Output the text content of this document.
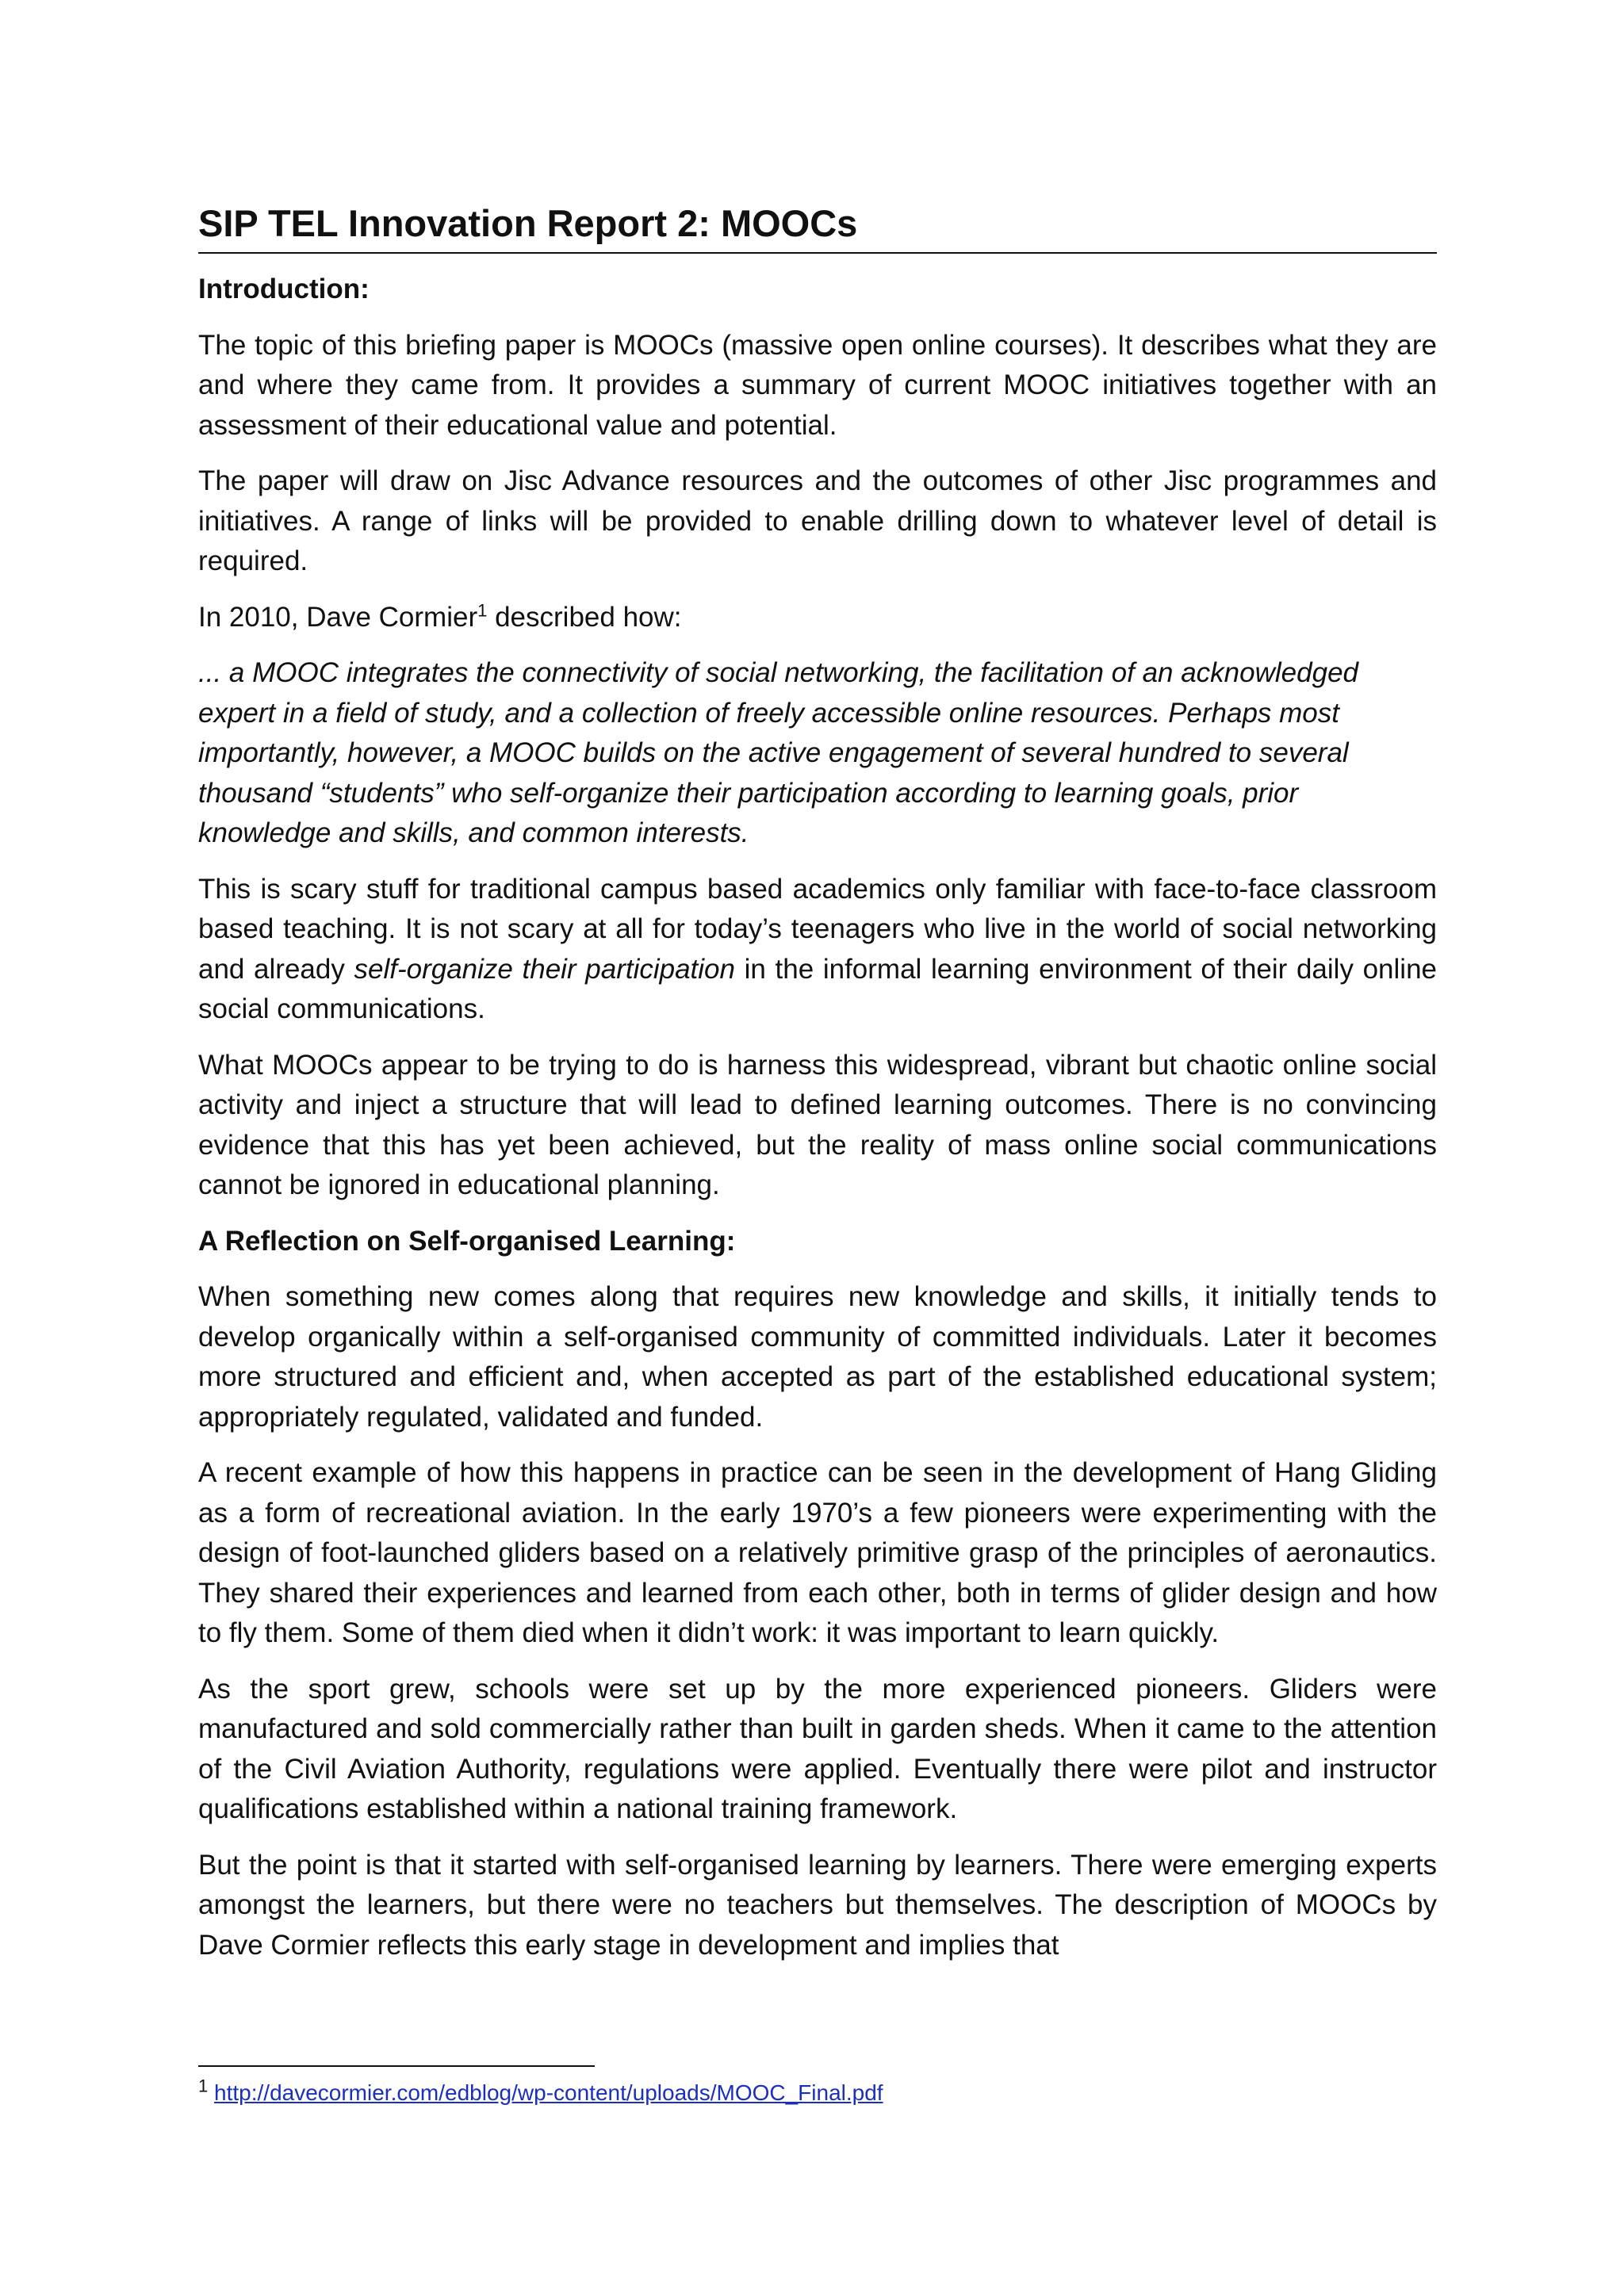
SIP TEL Innovation Report 2: MOOCs

Introduction:

The topic of this briefing paper is MOOCs (massive open online courses). It describes what they are and where they came from. It provides a summary of current MOOC initiatives together with an assessment of their educational value and potential.

The paper will draw on Jisc Advance resources and the outcomes of other Jisc programmes and initiatives. A range of links will be provided to enable drilling down to whatever level of detail is required.

In 2010, Dave Cormier$^1$ described how:

... a MOOC integrates the connectivity of social networking, the facilitation of an acknowledged expert in a field of study, and a collection of freely accessible online resources. Perhaps most importantly, however, a MOOC builds on the active engagement of several hundred to several thousand “students” who self-organize their participation according to learning goals, prior knowledge and skills, and common interests.

This is scary stuff for traditional campus based academics only familiar with face-to-face classroom based teaching. It is not scary at all for today’s teenagers who live in the world of social networking and already self-organize their participation in the informal learning environment of their daily online social communications.

What MOOCs appear to be trying to do is harness this widespread, vibrant but chaotic online social activity and inject a structure that will lead to defined learning outcomes. There is no convincing evidence that this has yet been achieved, but the reality of mass online social communications cannot be ignored in educational planning.

A Reflection on Self-organised Learning:

When something new comes along that requires new knowledge and skills, it initially tends to develop organically within a self-organised community of committed individuals. Later it becomes more structured and efficient and, when accepted as part of the established educational system; appropriately regulated, validated and funded.

A recent example of how this happens in practice can be seen in the development of Hang Gliding as a form of recreational aviation. In the early 1970’s a few pioneers were experimenting with the design of foot-launched gliders based on a relatively primitive grasp of the principles of aeronautics. They shared their experiences and learned from each other, both in terms of glider design and how to fly them. Some of them died when it didn’t work: it was important to learn quickly.

As the sport grew, schools were set up by the more experienced pioneers. Gliders were manufactured and sold commercially rather than built in garden sheds. When it came to the attention of the Civil Aviation Authority, regulations were applied. Eventually there were pilot and instructor qualifications established within a national training framework.

But the point is that it started with self-organised learning by learners. There were emerging experts amongst the learners, but there were no teachers but themselves. The description of MOOCs by Dave Cormier reflects this early stage in development and implies that

$^1$ http://davecormier.com/edblog/wp-content/uploads/MOOC_Final.pdf
